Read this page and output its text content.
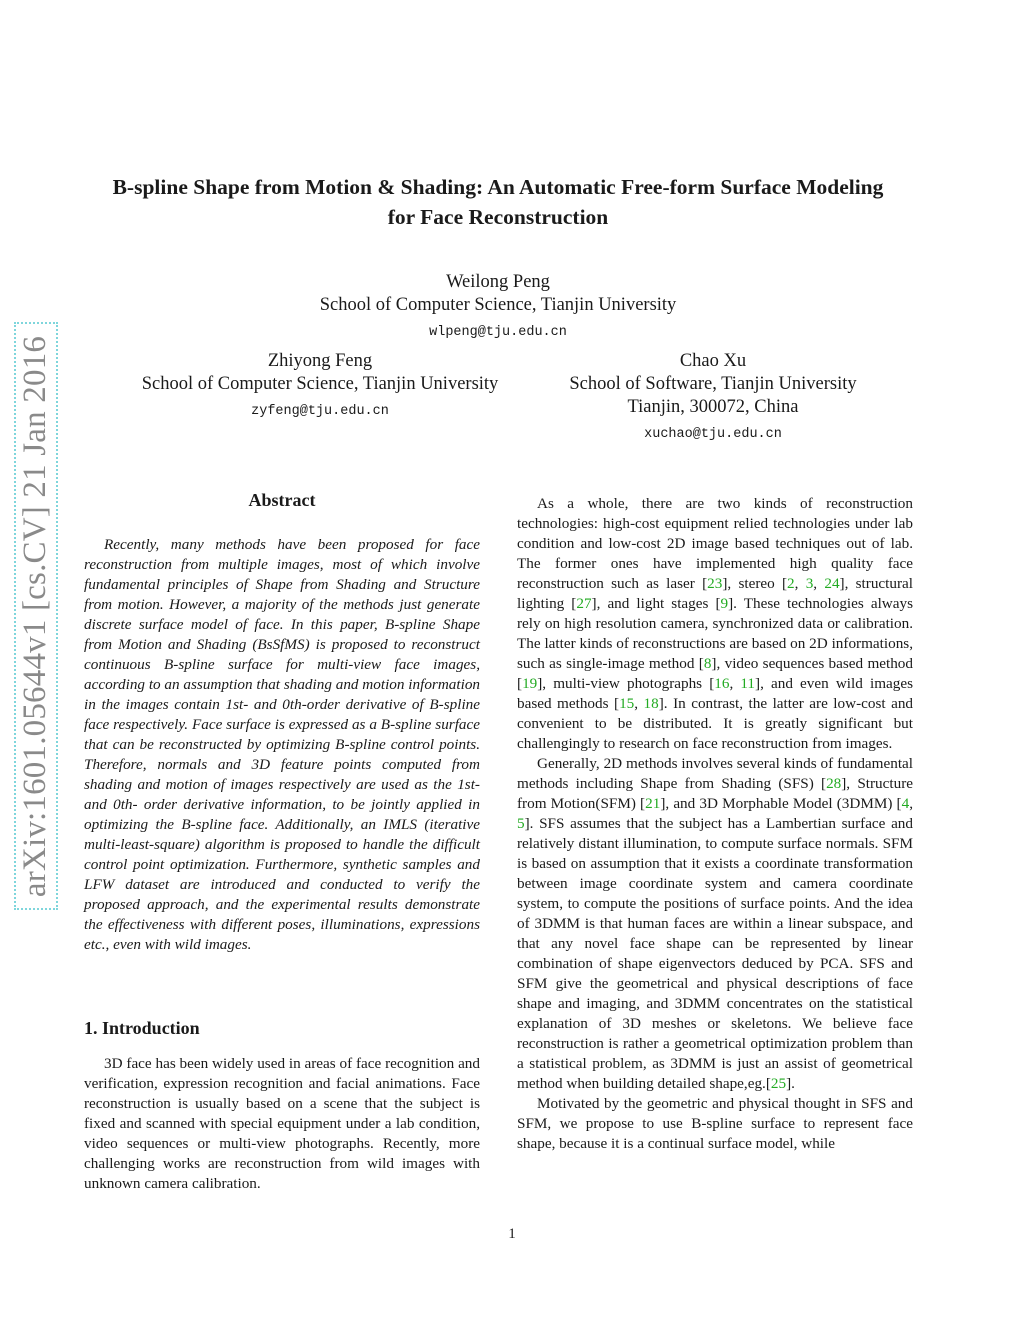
arXiv:1601.05644v1 [cs.CV] 21 Jan 2016
B-spline Shape from Motion & Shading: An Automatic Free-form Surface Modeling for Face Reconstruction
Weilong Peng
School of Computer Science, Tianjin University
wlpeng@tju.edu.cn
Zhiyong Feng
School of Computer Science, Tianjin University
zyfeng@tju.edu.cn
Chao Xu
School of Software, Tianjin University
Tianjin, 300072, China
xuchao@tju.edu.cn
Abstract

Recently, many methods have been proposed for face reconstruction from multiple images, most of which involve fundamental principles of Shape from Shading and Structure from motion. However, a majority of the methods just generate discrete surface model of face. In this paper, B-spline Shape from Motion and Shading (BsSfMS) is proposed to reconstruct continuous B-spline surface for multi-view face images, according to an assumption that shading and motion information in the images contain 1st- and 0th-order derivative of B-spline face respectively. Face surface is expressed as a B-spline surface that can be reconstructed by optimizing B-spline control points. Therefore, normals and 3D feature points computed from shading and motion of images respectively are used as the 1st- and 0th- order derivative information, to be jointly applied in optimizing the B-spline face. Additionally, an IMLS (iterative multi-least-square) algorithm is proposed to handle the difficult control point optimization. Furthermore, synthetic samples and LFW dataset are introduced and conducted to verify the proposed approach, and the experimental results demonstrate the effectiveness with different poses, illuminations, expressions etc., even with wild images.

1. Introduction

3D face has been widely used in areas of face recognition and verification, expression recognition and facial animations. Face reconstruction is usually based on a scene that the subject is fixed and scanned with special equipment under a lab condition, video sequences or multi-view photographs. Recently, more challenging works are reconstruction from wild images with unknown camera calibration.

As a whole, there are two kinds of reconstruction technologies: high-cost equipment relied technologies under lab condition and low-cost 2D image based techniques out of lab. The former ones have implemented high quality face reconstruction such as laser [23], stereo [2, 3, 24], structural lighting [27], and light stages [9]. These technologies always rely on high resolution camera, synchronized data or calibration. The latter kinds of reconstructions are based on 2D informations, such as single-image method [8], video sequences based method [19], multi-view photographs [16, 11], and even wild images based methods [15, 18]. In contrast, the latter are low-cost and convenient to be distributed. It is greatly significant but challengingly to research on face reconstruction from images.

Generally, 2D methods involves several kinds of fundamental methods including Shape from Shading (SFS) [28], Structure from Motion(SFM) [21], and 3D Morphable Model (3DMM) [4, 5]. SFS assumes that the subject has a Lambertian surface and relatively distant illumination, to compute surface normals. SFM is based on assumption that it exists a coordinate transformation between image coordinate system and camera coordinate system, to compute the positions of surface points. And the idea of 3DMM is that human faces are within a linear subspace, and that any novel face shape can be represented by linear combination of shape eigenvectors deduced by PCA. SFS and SFM give the geometrical and physical descriptions of face shape and imaging, and 3DMM concentrates on the statistical explanation of 3D meshes or skeletons. We believe face reconstruction is rather a geometrical optimization problem than a statistical problem, as 3DMM is just an assist of geometrical method when building detailed shape,eg.[25].

Motivated by the geometric and physical thought in SFS and SFM, we propose to use B-spline surface to represent face shape, because it is a continual surface model, while

1
